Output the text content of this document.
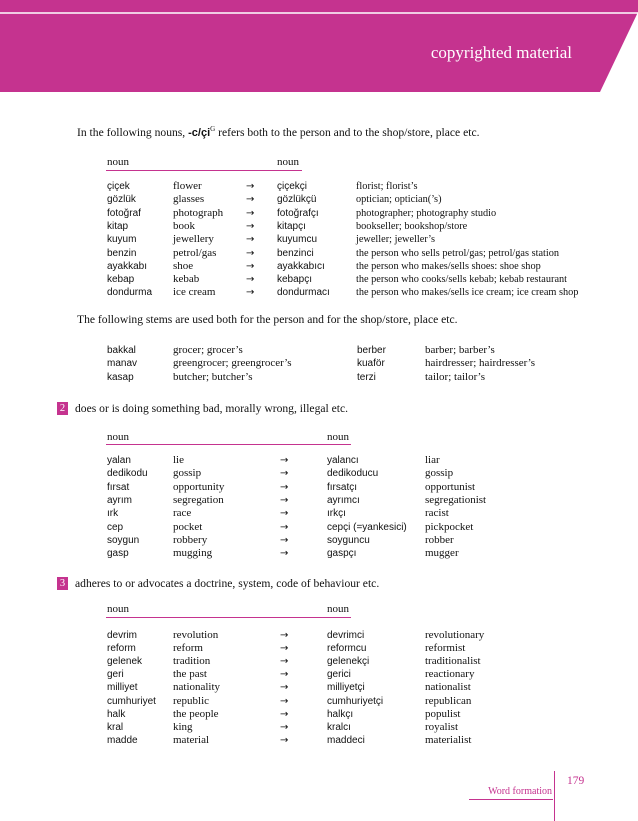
copyrighted material
In the following nouns, $-c/çi^G$ refers both to the person and to the shop/store, place etc.
noun	noun
çiçek	flower	→ çiçekçi	florist; florist’s
gözlük	glasses	→ gözlükçü	optician; optician(’s)
fotoğraf	photograph → fotoğrafçı	photographer; photography studio
kitap	book	→ kitapçı	bookseller; bookshop/store
kuyum	jewellery	→ kuyumcu	jeweller; jeweller’s
benzin	petrol/gas	→ benzinci	the person who sells petrol/gas; petrol/gas station
ayakkabı shoe	→ ayakkabıcı	the person who makes/sells shoes: shoe shop
kebap	kebab	→ kebapçı	the person who cooks/sells kebab; kebab restaurant
dondurma ice cream	→ dondurmacı	the person who makes/sells ice cream; ice cream shop
The following stems are used both for the person and for the shop/store, place etc.
bakkal	grocer; grocer’s	berber	barber; barber’s
manav	greengrocer; greengrocer’s	kuaför	hairdresser; hairdresser’s
kasap	butcher; butcher’s	terzi	tailor; tailor’s
2 does or is doing something bad, morally wrong, illegal etc.
noun	noun
yalan	lie	→	yalancı	liar
dedikodu gossip	→	dedikoducu	gossip
fırsat	opportunity	→	fırsatçı	opportunist
ayrım	segregation	→	ayrımcı	segregationist
ırk	race	→	ırkçı	racist
cep	pocket	→	cepçi (=yankesici) pickpocket
soygun	robbery	→	soyguncu	robber
gasp	mugging	→	gaspçı	mugger
3 adheres to or advocates a doctrine, system, code of behaviour etc.
noun	noun
devrim	revolution	→	devrimci	revolutionary
reform	reform	→	reformcu	reformist
gelenek	tradition	→	gelenekçi	traditionalist
geri	the past	→	gerici	reactionary
milliyet	nationality	→	milliyetçi	nationalist
cumhuriyet republic	→	cumhuriyetçi	republican
halk	the people	→	halkçı	populist
kral	king	→	kralcı	royalist
madde	material	→	maddeci	materialist
Word formation
179
